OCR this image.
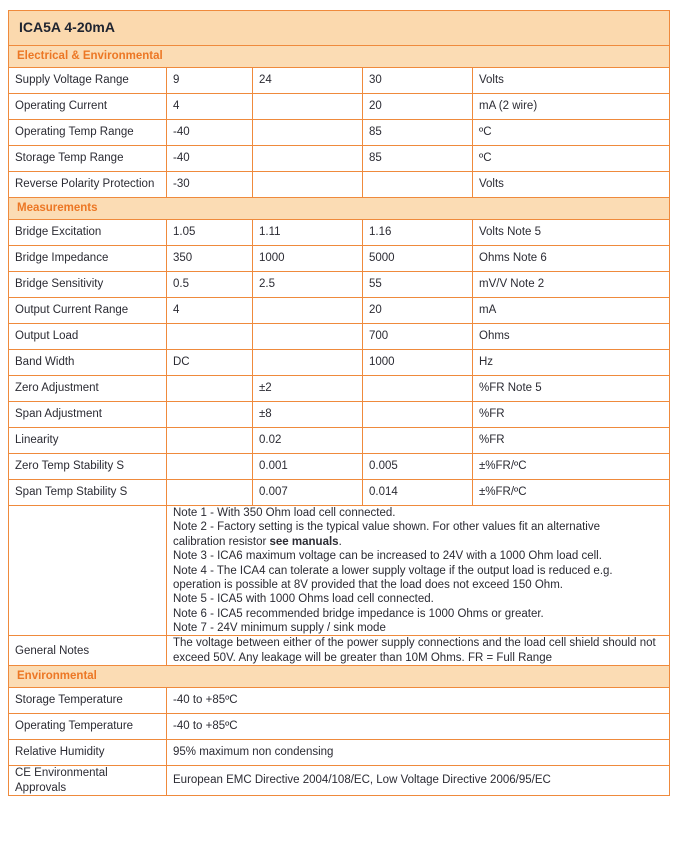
ICA5A 4-20mA				
Electrical & Environmental				
Supply Voltage Range	9	24	30	Volts
Operating Current	4		20	mA (2 wire)
Operating Temp Range	-40		85	ºC
Storage Temp Range	-40		85	ºC
Reverse Polarity Protection	-30			Volts
Measurements				
Bridge Excitation	1.05	1.11	1.16	Volts Note 5
Bridge Impedance	350	1000	5000	Ohms Note 6
Bridge Sensitivity	0.5	2.5	55	mV/V Note 2
Output Current Range	4		20	mA
Output Load			700	Ohms
Band Width	DC		1000	Hz
Zero Adjustment		±2		%FR Note 5
Span Adjustment		±8		%FR
Linearity		0.02		%FR
Zero Temp Stability S		0.001	0.005	±%FR/ºC
Span Temp Stability S		0.007	0.014	±%FR/ºC

Note 1 - With 350 Ohm load cell connected.
Note 2 - Factory setting is the typical value shown. For other values fit an alternative
calibration resistor see manuals.
Note 3 - ICA6 maximum voltage can be increased to 24V with a 1000 Ohm load cell.
Note 4 - The ICA4 can tolerate a lower supply voltage if the output load is reduced e.g.
operation is possible at 8V provided that the load does not exceed 150 Ohm.
Note 5 - ICA5 with 1000 Ohms load cell connected.
Note 6 - ICA5 recommended bridge impedance is 1000 Ohms or greater.
Note 7 - 24V minimum supply / sink mode

General Notes	The voltage between either of the power supply connections and the load cell shield should not exceed 50V. Any leakage will be greater than 10M Ohms. FR = Full Range			
Environmental				
Storage Temperature	-40 to +85ºC			
Operating Temperature	-40 to +85ºC			
Relative Humidity	95% maximum non condensing			
CE Environmental Approvals	European EMC Directive 2004/108/EC, Low Voltage Directive 2006/95/EC			
